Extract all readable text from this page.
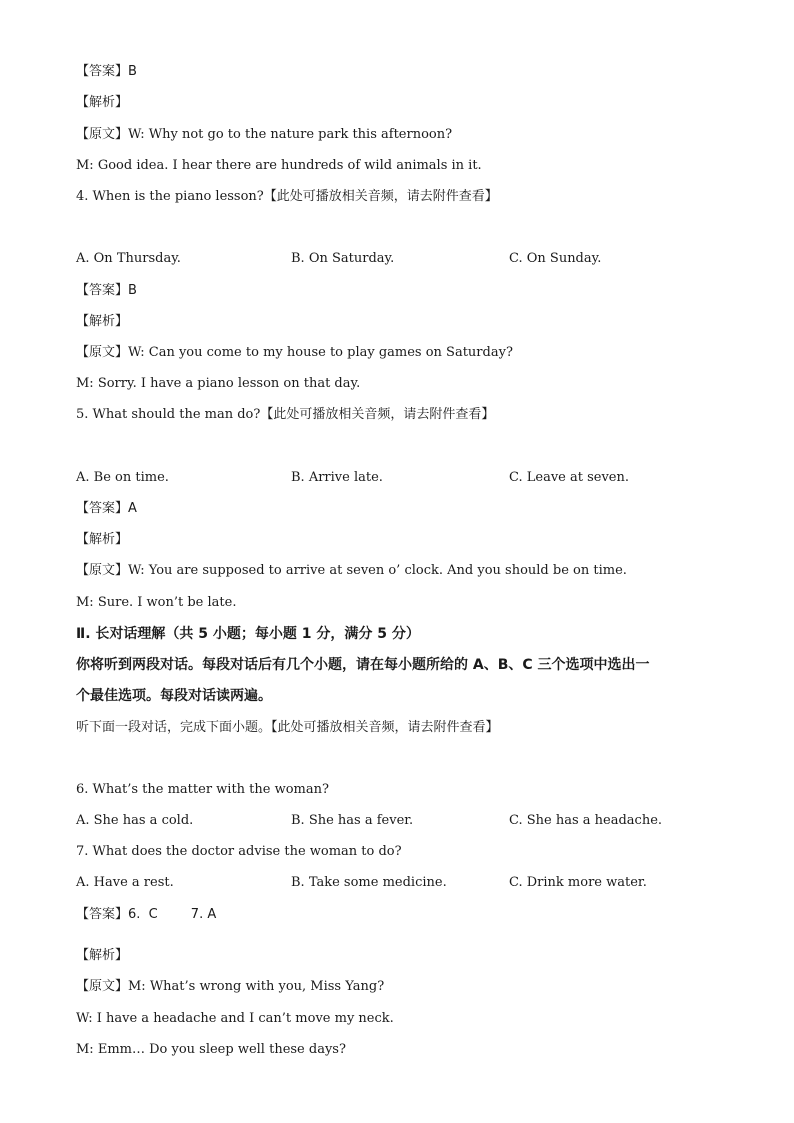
【答案】B
【解析】
【原文】W: Why not go to the nature park this afternoon?
M: Good idea. I hear there are hundreds of wild animals in it.
4. When is the piano lesson?【此处可播放相关音频，请去附件查看】
A. On Thursday.	B. On Saturday.	C. On Sunday.
【答案】B
【解析】
【原文】W: Can you come to my house to play games on Saturday?
M: Sorry. I have a piano lesson on that day.
5. What should the man do?【此处可播放相关音频，请去附件查看】
A. Be on time.	B. Arrive late.	C. Leave at seven.
【答案】A
【解析】
【原文】W: You are supposed to arrive at seven o’ clock. And you should be on time.
M: Sure. I won’t be late.
Ⅱ. 长对话理解（共 5 小题；每小题 1 分，满分 5 分）
你将听到两段对话。每段对话后有几个小题，请在每小题所给的 A、B、C 三个选项中选出一
个最佳选项。每段对话读两遍。
听下面一段对话，完成下面小题。【此处可播放相关音频，请去附件查看】
6. What’s the matter with the woman?
A. She has a cold.	B. She has a fever.	C. She has a headache.
7. What does the doctor advise the woman to do?
A. Have a rest.	B. Take some medicine.	C. Drink more water.
【答案】6.  C        7. A
【解析】
【原文】M: What’s wrong with you, Miss Yang?
W: I have a headache and I can’t move my neck.
M: Emm… Do you sleep well these days?
